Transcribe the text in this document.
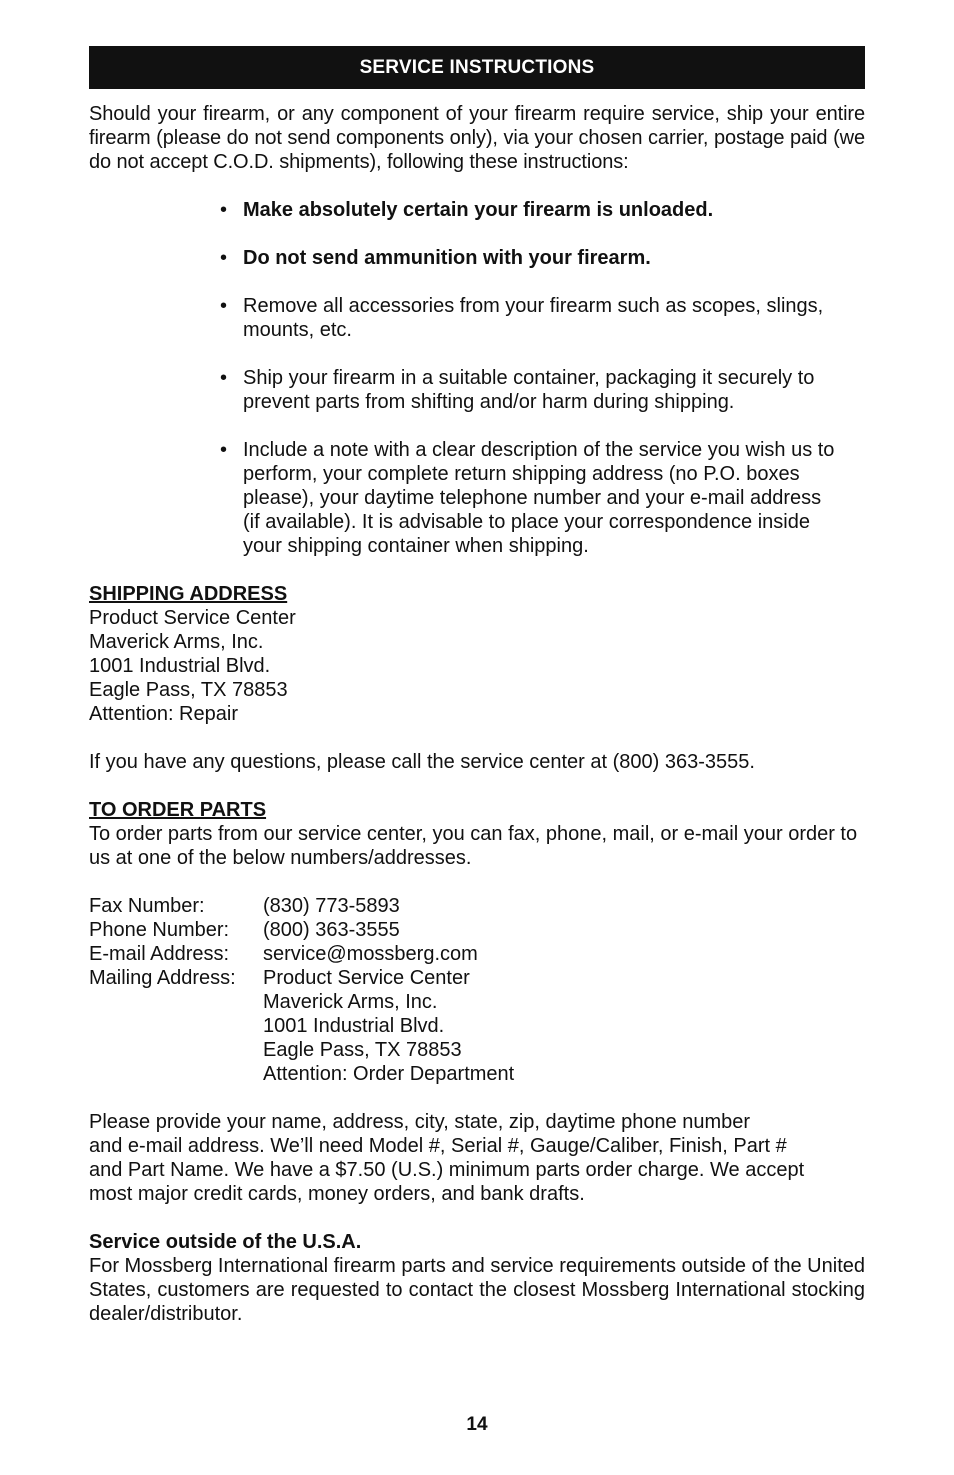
SERVICE INSTRUCTIONS

Should your firearm, or any component of your firearm require service, ship your entire firearm (please do not send components only), via your chosen carrier, postage paid (we do not accept C.O.D. shipments), following these instructions:

• Make absolutely certain your firearm is unloaded.
• Do not send ammunition with your firearm.
• Remove all accessories from your firearm such as scopes, slings, mounts, etc.
• Ship your firearm in a suitable container, packaging it securely to prevent parts from shifting and/or harm during shipping.
• Include a note with a clear description of the service you wish us to perform, your complete return shipping address (no P.O. boxes please), your daytime telephone number and your e-mail address (if available). It is advisable to place your correspondence inside your shipping container when shipping.
SHIPPING ADDRESS
Product Service Center
Maverick Arms, Inc.
1001 Industrial Blvd.
Eagle Pass, TX 78853
Attention: Repair

If you have any questions, please call the service center at (800) 363-3555.

TO ORDER PARTS

To order parts from our service center, you can fax, phone, mail, or e-mail your order to us at one of the below numbers/addresses.

Fax Number:	(830) 773-5893
Phone Number:	(800) 363-3555
E-mail Address:	service@mossberg.com
Mailing Address:	Product Service Center
Maverick Arms, Inc.
1001 Industrial Blvd.
Eagle Pass, TX 78853
Attention: Order Department
Please provide your name, address, city, state, zip, daytime phone number
and e-mail address. We’ll need Model #, Serial #, Gauge/Caliber, Finish, Part #
and Part Name. We have a $7.50 (U.S.) minimum parts order charge. We accept
most major credit cards, money orders, and bank drafts.
Service outside of the U.S.A.

For Mossberg International firearm parts and service requirements outside of the United States, customers are requested to contact the closest Mossberg International stocking dealer/distributor.

14
